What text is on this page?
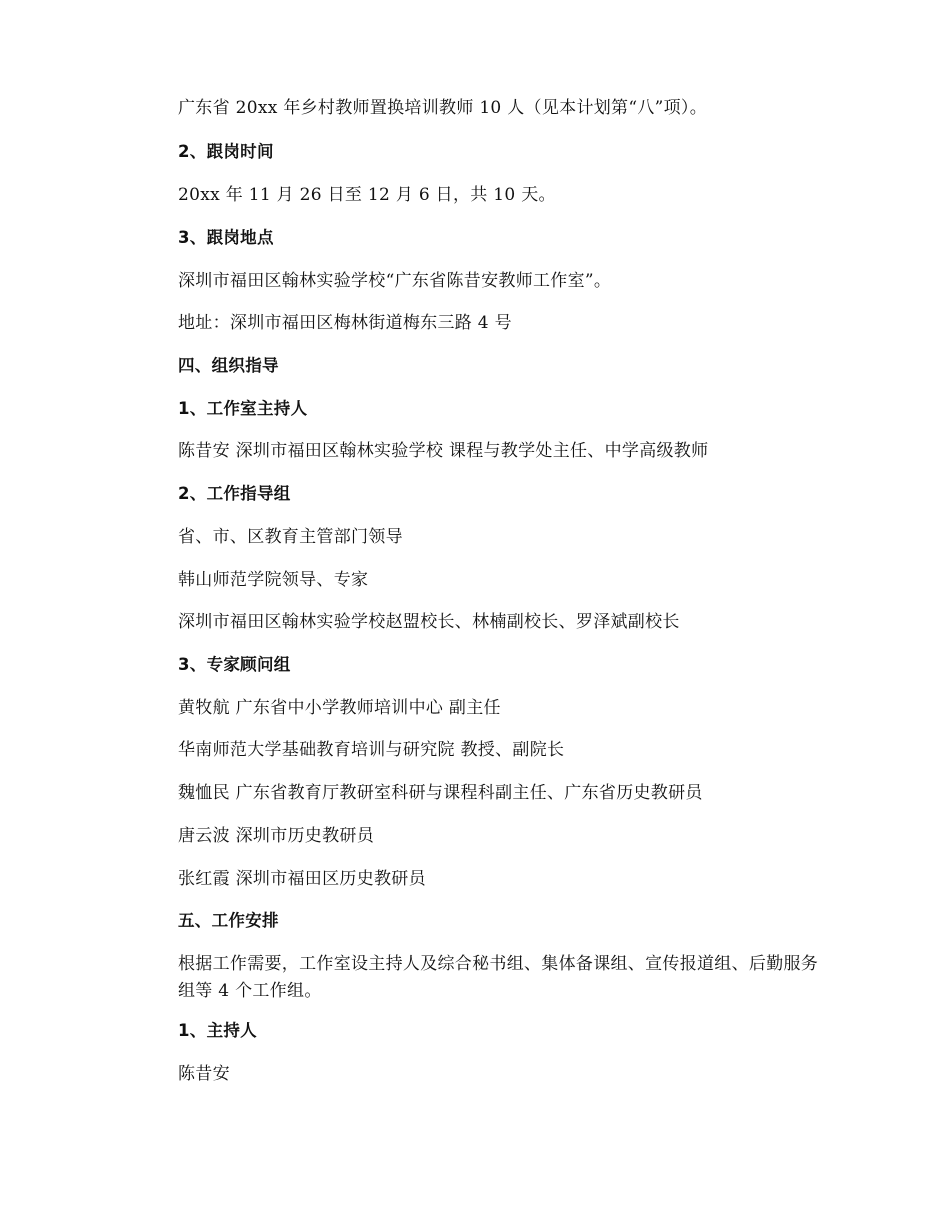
广东省 20xx 年乡村教师置换培训教师 10 人（见本计划第“八”项）。
2、跟岗时间
20xx 年 11 月 26 日至 12 月 6 日，共 10 天。
3、跟岗地点
深圳市福田区翰林实验学校“广东省陈昔安教师工作室”。
地址：深圳市福田区梅林街道梅东三路 4 号
四、组织指导
1、工作室主持人
陈昔安 深圳市福田区翰林实验学校 课程与教学处主任、中学高级教师
2、工作指导组
省、市、区教育主管部门领导
韩山师范学院领导、专家
深圳市福田区翰林实验学校赵盟校长、林楠副校长、罗泽斌副校长
3、专家顾问组
黄牧航 广东省中小学教师培训中心 副主任
华南师范大学基础教育培训与研究院 教授、副院长
魏恤民 广东省教育厅教研室科研与课程科副主任、广东省历史教研员
唐云波 深圳市历史教研员
张红霞 深圳市福田区历史教研员
五、工作安排
根据工作需要，工作室设主持人及综合秘书组、集体备课组、宣传报道组、后勤服务组等 4 个工作组。
1、主持人
陈昔安
